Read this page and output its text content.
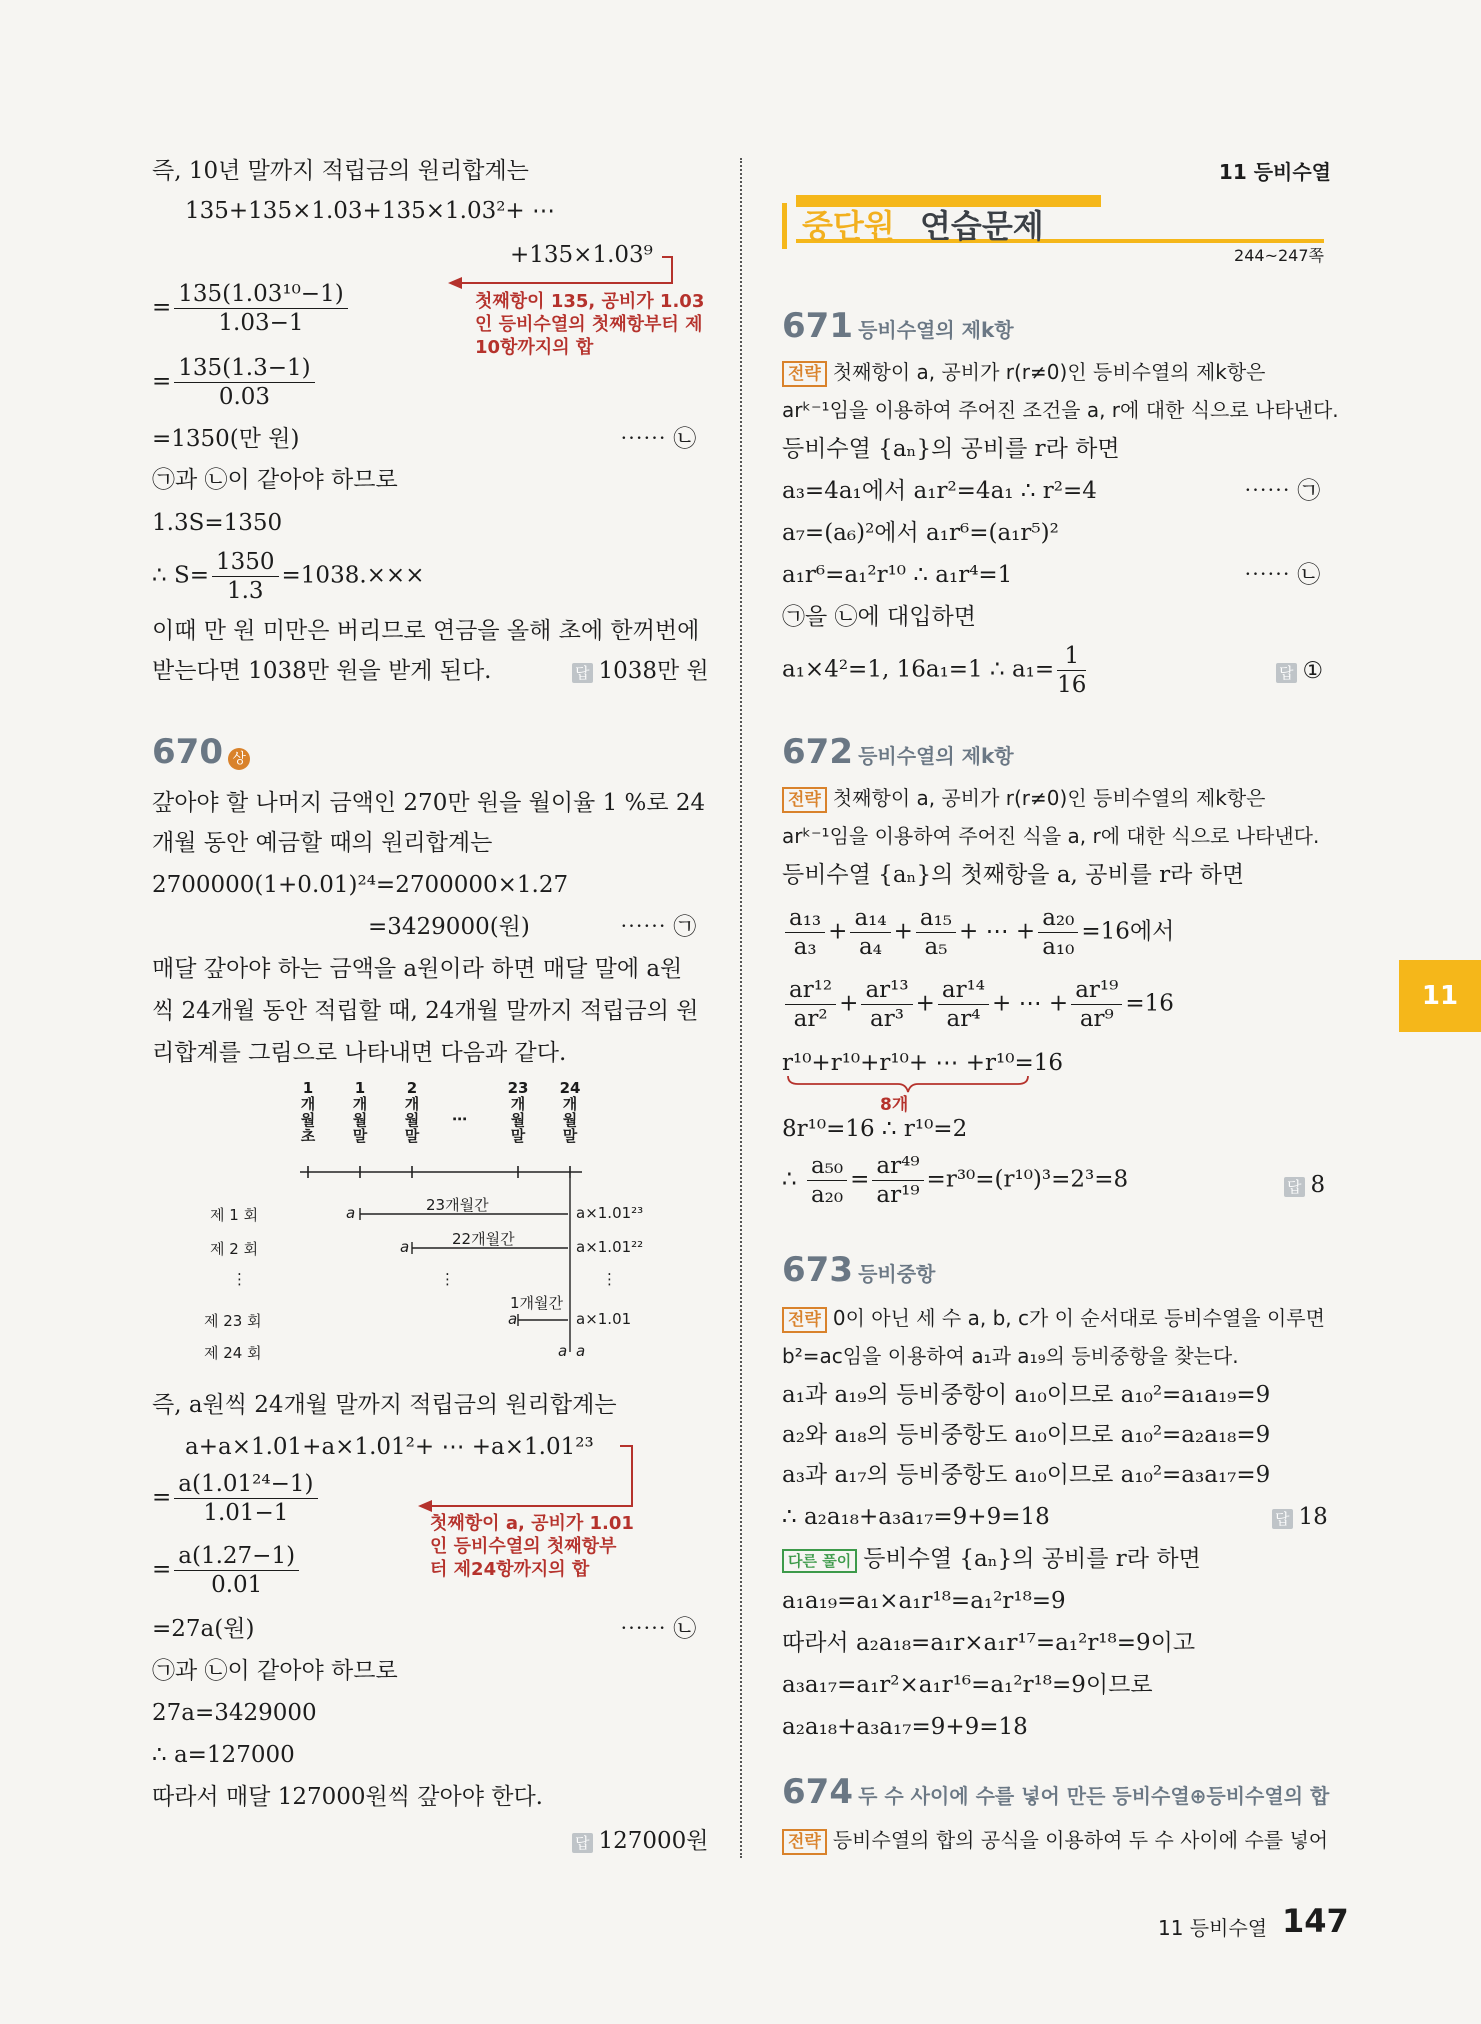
11 등비수열
중단원 연습문제
244~247쪽
11
즉, 10년 말까지 적립금의 원리합계는
135+135×1.03+135×1.03²+ ⋯
+135×1.03⁹
= $\frac{\text{135(1.03¹⁰−1)}}{1.03-1}$	첫째항이 135, 공비가 1.03 인 등비수열의 첫째항부터 제10항까지의 합
= $\frac{135(1.3-1)}{0.03}$
=1350(만 원)	⋯⋯ ㉡
㉠과 ㉡이 같아야 하므로
1.3S=1350
∴ $S= \frac{1350}{1.3} =1038.\times\times\times$
이때 만 원 미만은 버리므로 연금을 올해 초에 한꺼번에
받는다면 1038만 원을 받게 된다.	답 1038만 원
670 상
갚아야 할 나머지 금액인 270만 원을 월이율 1 %로 24
개월 동안 예금할 때의 원리합계는
2700000(1+0.01)²⁴=2700000×1.27
=3429000(원)	⋯⋯ ㉠
매달 갚아야 하는 금액을 a원이라 하면 매달 말에 a원
씩 24개월 동안 적립할 때, 24개월 말까지 적립금의 원
리합계를 그림으로 나타내면 다음과 같다.
1
개
월
초
1
개
월
말
2
개
월
말
⋯
23
개
월
말
24
개
월
말
제 1 회
제 2 회
⋮
제 23 회
제 24 회
a
a
a
a
23개월간
22개월간
1개월간
a×1.01²³
a×1.01²²
⋮	⋮
a×1.01
a
즉, a원씩 24개월 말까지 적립금의 원리합계는
a+a×1.01+a×1.01²+ ⋯ +a×1.01²³
= $\frac{\text{a(1.01²⁴−1)}}{1.01-1}$	첫째항이 a, 공비가 1.01 인 등비수열의 첫째항부 터 제24항까지의 합
= $\frac{a(1.27-1)}{0.01}$
=27a(원)	⋯⋯ ㉡
㉠과 ㉡이 같아야 하므로
27a=3429000
∴ a=127000
따라서 매달 127000원씩 갚아야 한다.
답 127000원
671 등비수열의 제k항
전략 첫째항이 a, 공비가 r(r≠0)인 등비수열의 제k항은
arᵏ⁻¹임을 이용하여 주어진 조건을 a, r에 대한 식으로 나타낸다.
등비수열 {aₙ}의 공비를 r라 하면
a₃=4a₁에서 a₁r²=4a₁ ∴ r²=4	⋯⋯ ㉠
a₇=(a₆)²에서 a₁r⁶=(a₁r⁵)²
a₁r⁶=a₁²r¹⁰ ∴ a₁r⁴=1	⋯⋯ ㉡
㉠을 ㉡에 대입하면
a₁×4²=1, 16a₁=1 ∴ $a_1= \frac{1}{16}$	답 ①
672 등비수열의 제k항
전략 첫째항이 a, 공비가 r(r≠0)인 등비수열의 제k항은
arᵏ⁻¹임을 이용하여 주어진 식을 a, r에 대한 식으로 나타낸다.
등비수열 {aₙ}의 첫째항을 a, 공비를 r라 하면
$\frac{\text{a₁₃}}{\text{a₃}} + \frac{\text{a₁₄}}{\text{a₄}} + \frac{\text{a₁₅}}{\text{a₅}}$ + ⋯ + $\frac{\text{a₂₀}}{\text{a₁₀}} =16$에서
$\frac{\text{ar¹²}}{\text{ar²}} + \frac{\text{ar¹³}}{\text{ar³}} + \frac{\text{ar¹⁴}}{\text{ar⁴}}$ + ⋯ + $\frac{\text{ar¹⁹}}{\text{ar⁹}} =16$
r¹⁰+r¹⁰+r¹⁰+ ⋯ +r¹⁰=16
8개
8r¹⁰=16 ∴ r¹⁰=2
∴ $\frac{\text{a₅₀}}{\text{a₂₀}} = \frac{\text{ar⁴⁹}}{\text{ar¹⁹}} =r^{30}=(r^{10})^3=2^3=8$	답 8
673 등비중항
전략 0이 아닌 세 수 a, b, c가 이 순서대로 등비수열을 이루면
b²=ac임을 이용하여 a₁과 a₁₉의 등비중항을 찾는다.
a₁과 a₁₉의 등비중항이 a₁₀이므로 a₁₀²=a₁a₁₉=9
a₂와 a₁₈의 등비중항도 a₁₀이므로 a₁₀²=a₂a₁₈=9
a₃과 a₁₇의 등비중항도 a₁₀이므로 a₁₀²=a₃a₁₇=9
∴ a₂a₁₈+a₃a₁₇=9+9=18	답 18
다른 풀이 등비수열 {aₙ}의 공비를 r라 하면
a₁a₁₉=a₁×a₁r¹⁸=a₁²r¹⁸=9
따라서 a₂a₁₈=a₁r×a₁r¹⁷=a₁²r¹⁸=9이고
a₃a₁₇=a₁r²×a₁r¹⁶=a₁²r¹⁸=9이므로
a₂a₁₈+a₃a₁₇=9+9=18
674 두 수 사이에 수를 넣어 만든 등비수열⊕등비수열의 합
전략 등비수열의 합의 공식을 이용하여 두 수 사이에 수를 넣어
11 등비수열 147
